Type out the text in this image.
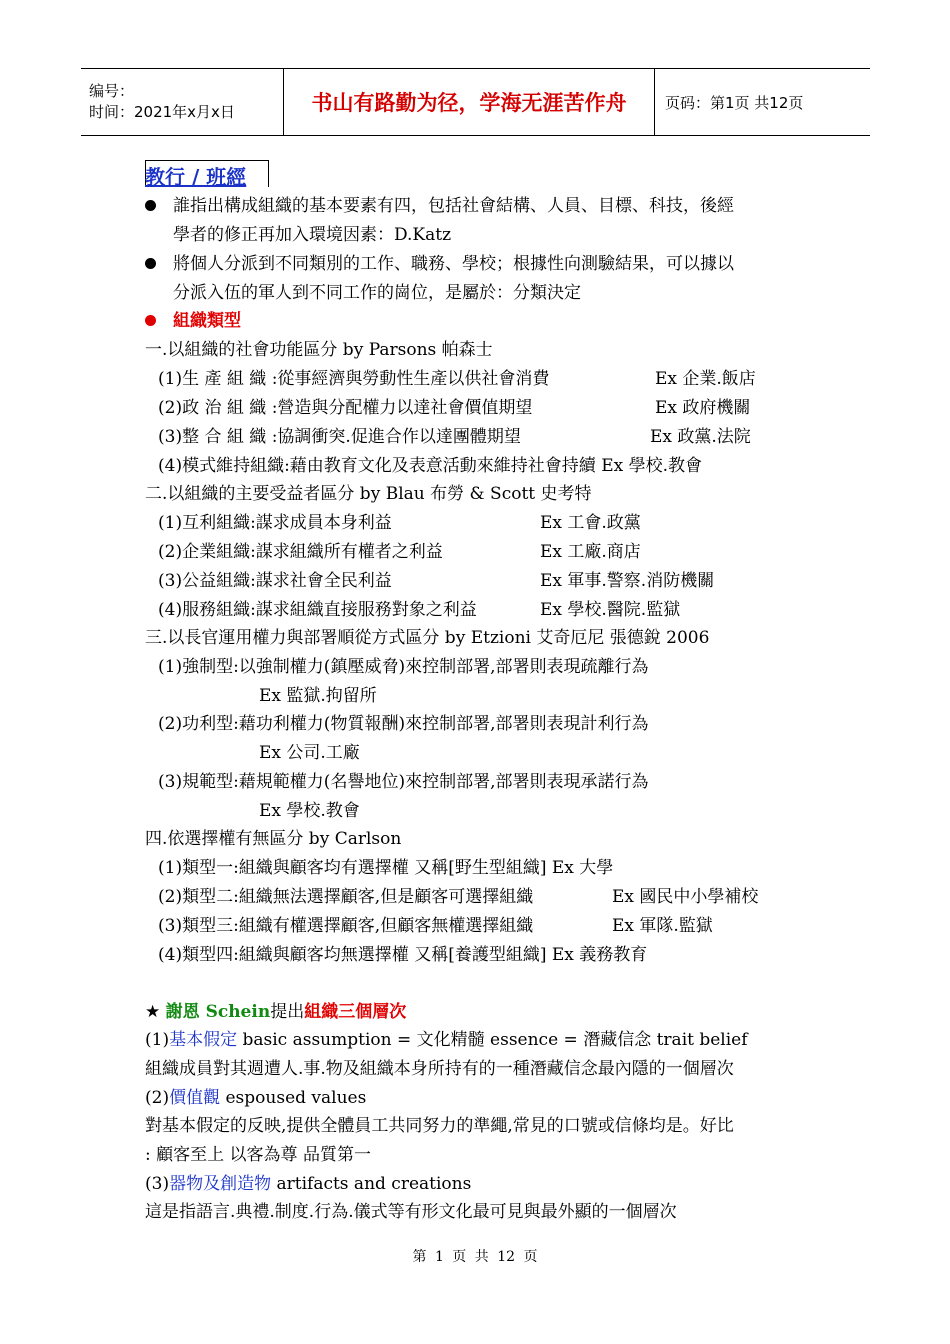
编号：
时间：2021年x月x日	书山有路勤为径，学海无涯苦作舟	页码：第1页 共12页
教行 / 班經
誰指出構成組織的基本要素有四，包括社會結構、人員、目標、科技，後經
學者的修正再加入環境因素：D.Katz
將個人分派到不同類別的工作、職務、學校；根據性向測驗結果，可以據以
分派入伍的軍人到不同工作的崗位，是屬於：分類決定
組織類型
一.以組織的社會功能區分 by Parsons 帕森士
(1)生 產 組 織 :從事經濟與勞動性生產以供社會消費	Ex 企業.飯店
(2)政 治 組 織 :營造與分配權力以達社會價值期望	Ex 政府機關
(3)整 合 組 織 :協調衝突.促進合作以達團體期望	Ex 政黨.法院
(4)模式維持組織:藉由教育文化及表意活動來維持社會持續 Ex 學校.教會
二.以組織的主要受益者區分 by Blau 布勞 & Scott 史考特
(1)互利組織:謀求成員本身利益	Ex 工會.政黨
(2)企業組織:謀求組織所有權者之利益	Ex 工廠.商店
(3)公益組織:謀求社會全民利益	Ex 軍事.警察.消防機關
(4)服務組織:謀求組織直接服務對象之利益	Ex 學校.醫院.監獄
三.以長官運用權力與部署順從方式區分 by Etzioni 艾奇厄尼 張德銳 2006
(1)強制型:以強制權力(鎮壓威脅)來控制部署,部署則表現疏離行為
Ex 監獄.拘留所
(2)功利型:藉功利權力(物質報酬)來控制部署,部署則表現計利行為
Ex 公司.工廠
(3)規範型:藉規範權力(名譽地位)來控制部署,部署則表現承諾行為
Ex 學校.教會
四.依選擇權有無區分 by Carlson
(1)類型一:組織與顧客均有選擇權 又稱[野生型組織] Ex 大學
(2)類型二:組織無法選擇顧客,但是顧客可選擇組織	Ex 國民中小學補校
(3)類型三:組織有權選擇顧客,但顧客無權選擇組織	Ex 軍隊.監獄
(4)類型四:組織與顧客均無選擇權 又稱[養護型組織] Ex 義務教育
★ 謝恩 Schein提出組織三個層次
(1)基本假定 basic assumption = 文化精髓 essence = 潛藏信念 trait belief
組織成員對其週遭人.事.物及組織本身所持有的一種潛藏信念最內隱的一個層次
(2)價值觀 espoused values
對基本假定的反映,提供全體員工共同努力的準繩,常見的口號或信條均是。好比
: 顧客至上 以客為尊 品質第一
(3)器物及創造物 artifacts and creations
這是指語言.典禮.制度.行為.儀式等有形文化最可見與最外顯的一個層次
第 1 页 共 12 页
